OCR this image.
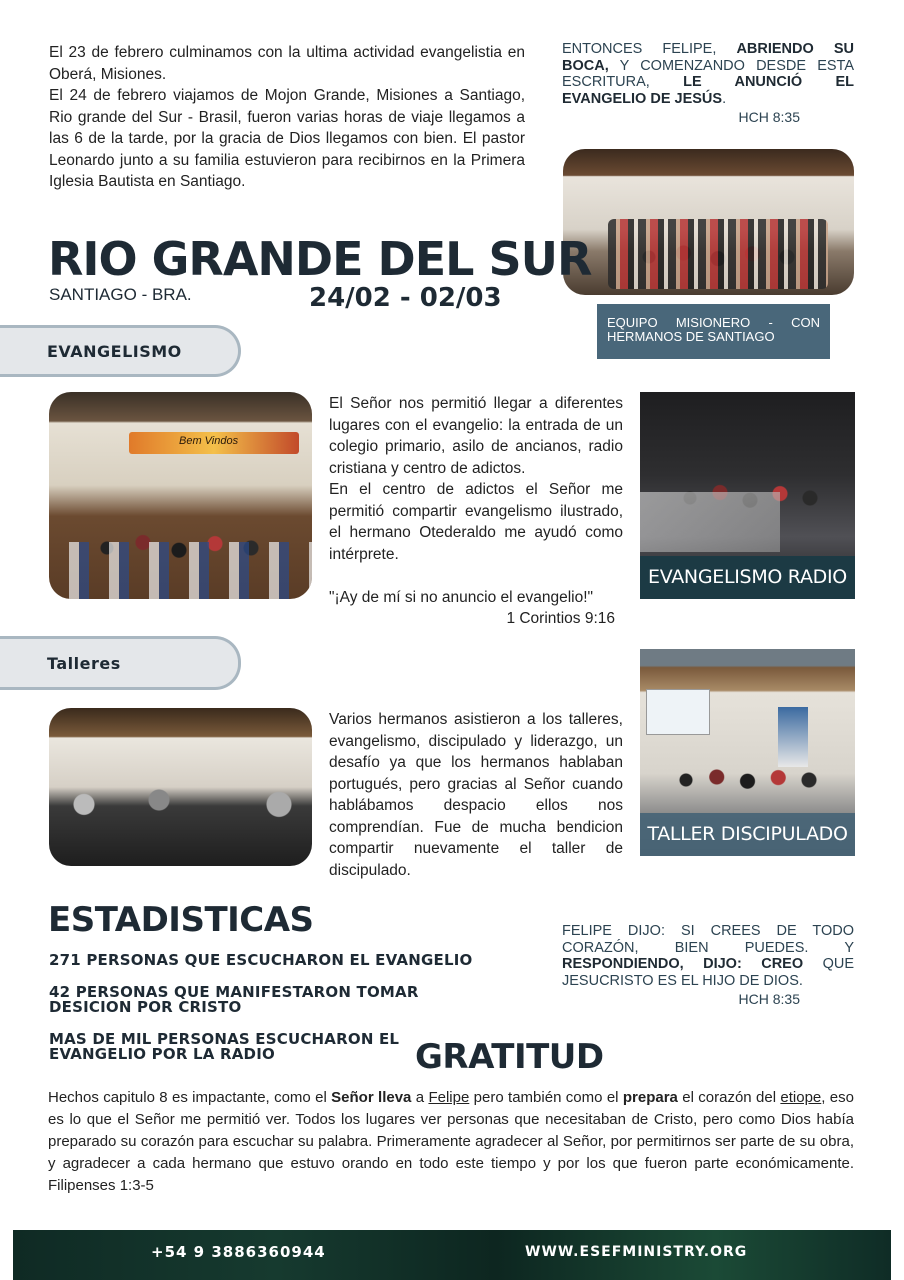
El 23 de febrero culminamos con la ultima actividad evangelistia en Oberá, Misiones.
El 24 de febrero viajamos de Mojon Grande, Misiones a Santiago, Rio grande del Sur - Brasil, fueron varias horas de viaje llegamos a las 6 de la tarde, por la gracia de Dios llegamos con bien. El pastor Leonardo junto a su familia estuvieron para recibirnos en la Primera Iglesia Bautista en Santiago.
ENTONCES FELIPE, ABRIENDO SU BOCA, Y COMENZANDO DESDE ESTA ESCRITURA, LE ANUNCIÓ EL EVANGELIO DE JESÚS.
HCH 8:35
EQUIPO MISIONERO - CON HERMANOS DE SANTIAGO
RIO GRANDE DEL SUR
SANTIAGO - BRA.	24/02 - 02/03
EVANGELISMO
Bem Vindos
El Señor nos permitió llegar a diferentes lugares con el evangelio: la entrada de un colegio primario, asilo de ancianos, radio cristiana y centro de adictos.
En el centro de adictos el Señor me permitió compartir evangelismo ilustrado, el hermano Otederaldo me ayudó como intérprete.
"¡Ay de mí si no anuncio el evangelio!"
1 Corintios 9:16
EVANGELISMO RADIO
Talleres
Varios hermanos asistieron a los talleres, evangelismo, discipulado y liderazgo, un desafío ya que los hermanos hablaban portugués, pero gracias al Señor cuando hablábamos despacio ellos nos comprendían. Fue de mucha bendicion compartir nuevamente el taller de discipulado.
TALLER DISCIPULADO
ESTADISTICAS
271 PERSONAS QUE ESCUCHARON EL EVANGELIO
42 PERSONAS QUE MANIFESTARON TOMAR DESICION POR CRISTO
MAS DE MIL PERSONAS ESCUCHARON EL EVANGELIO POR LA RADIO
FELIPE DIJO: SI CREES DE TODO CORAZÓN, BIEN PUEDES. Y RESPONDIENDO, DIJO: CREO QUE JESUCRISTO ES EL HIJO DE DIOS.
HCH 8:35
GRATITUD
Hechos capitulo 8 es impactante, como el Señor lleva a Felipe pero también como el prepara el corazón del etiope, eso es lo que el Señor me permitió ver. Todos los lugares ver personas que necesitaban de Cristo, pero como Dios había preparado su corazón para escuchar su palabra. Primeramente agradecer al Señor, por permitirnos ser parte de su obra, y agradecer a cada hermano que estuvo orando en todo este tiempo y por los que fueron parte económicamente. Filipenses 1:3-5
+54 9 3886360944	WWW.ESEFMINISTRY.ORG
